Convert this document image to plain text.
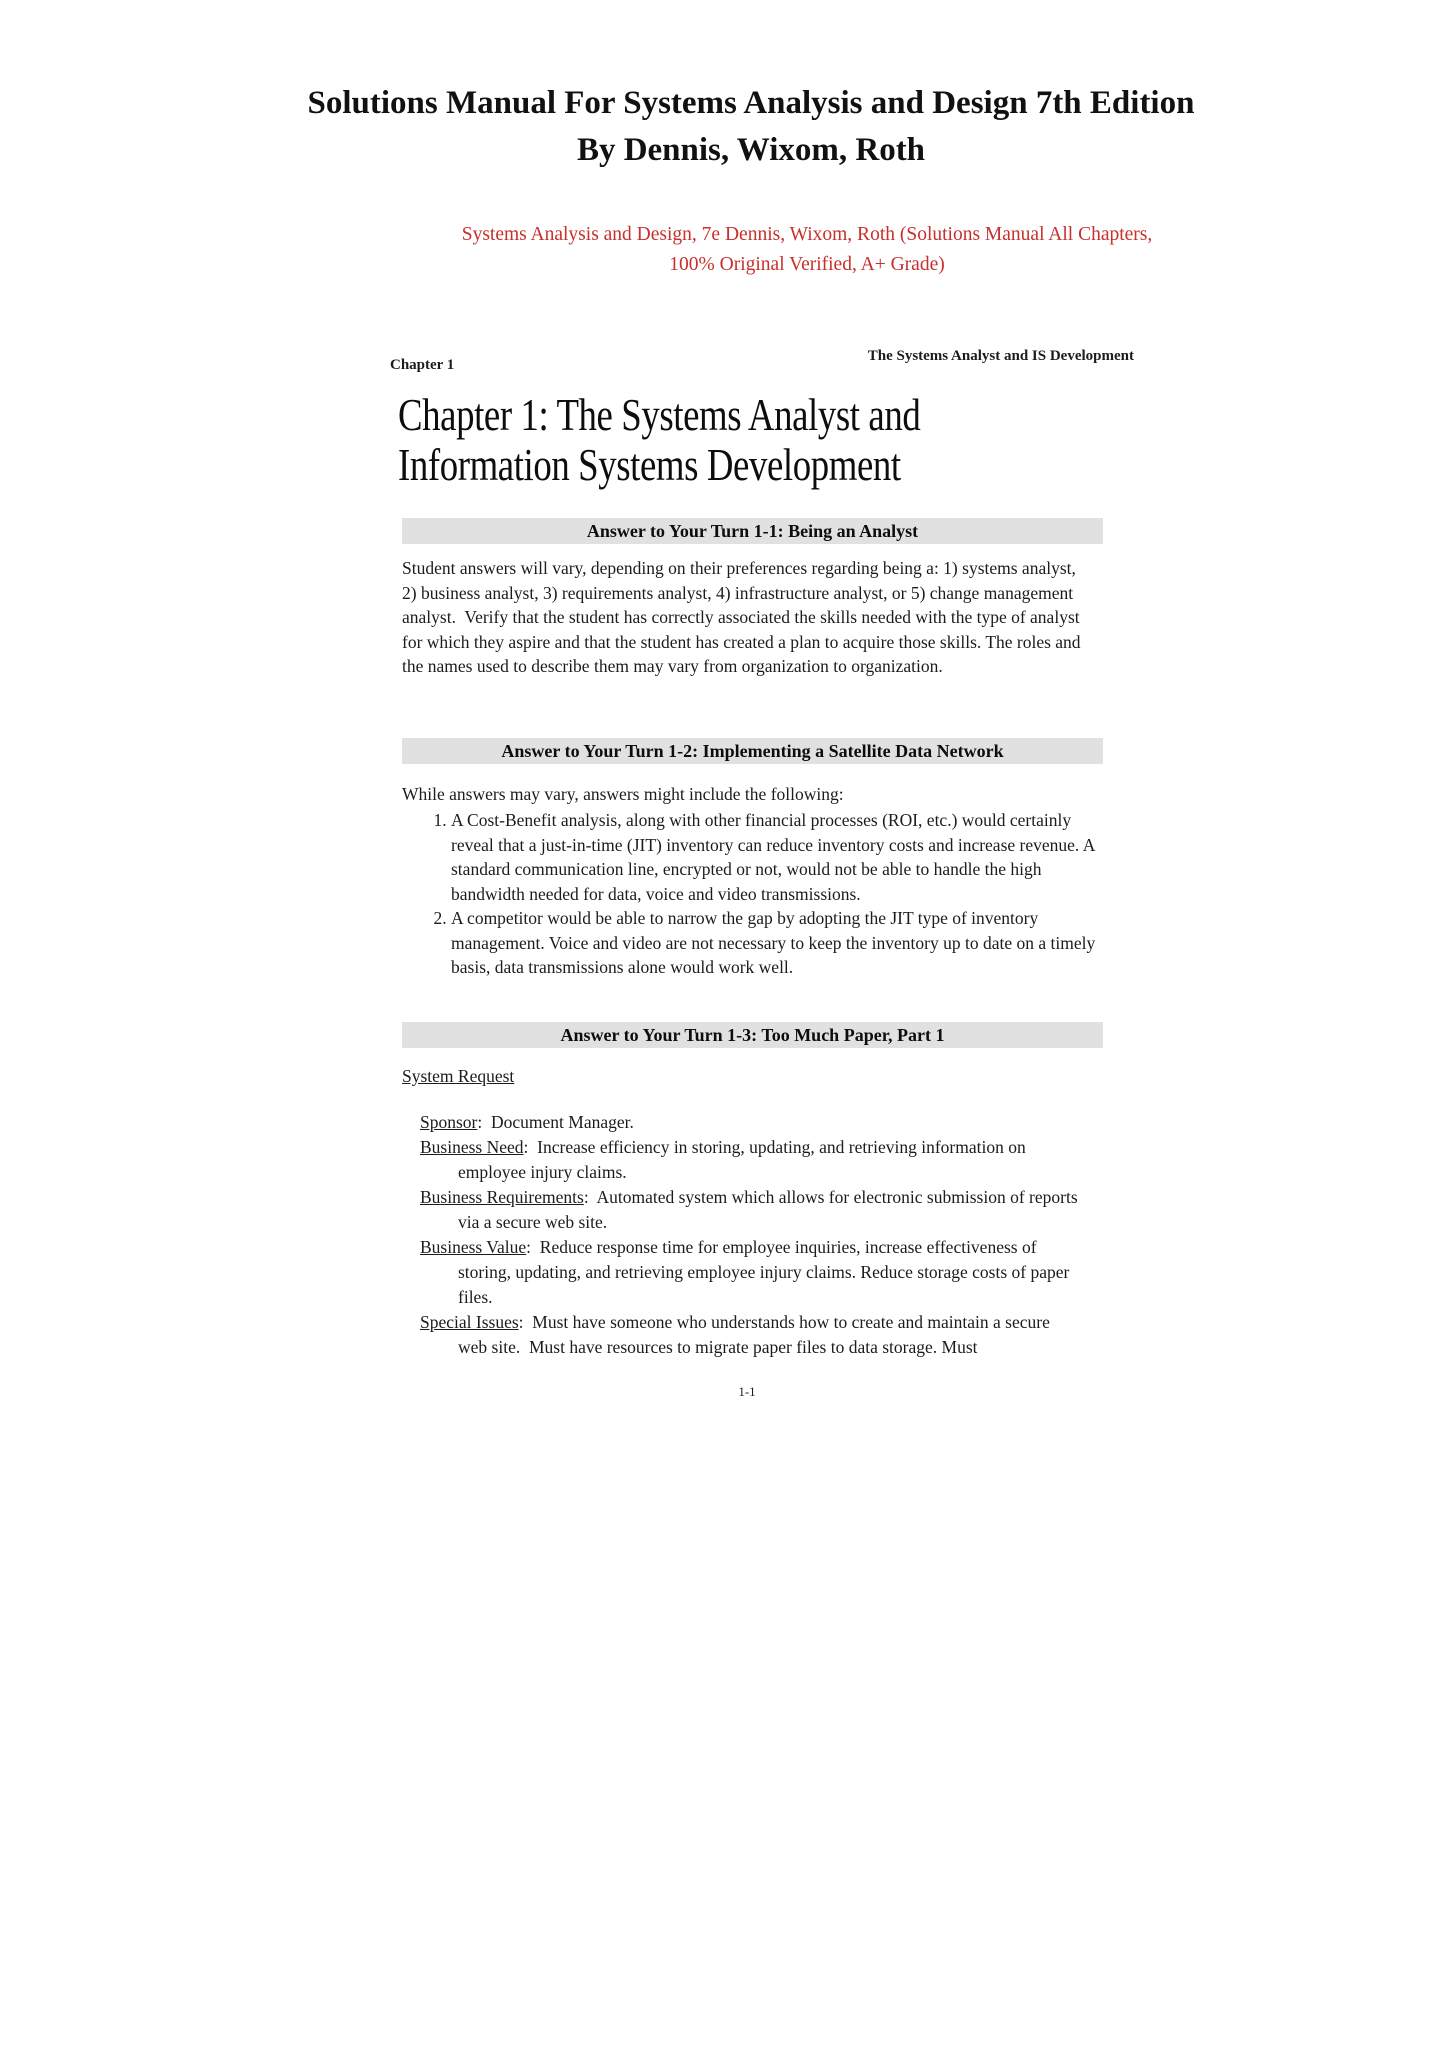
Solutions Manual For Systems Analysis and Design 7th Edition
By Dennis, Wixom, Roth
Systems Analysis and Design, 7e Dennis, Wixom, Roth (Solutions Manual All Chapters,
100% Original Verified, A+ Grade)
Chapter 1
The Systems Analyst and IS Development
Chapter 1: The Systems Analyst and
Information Systems Development
Answer to Your Turn 1-1: Being an Analyst
Student answers will vary, depending on their preferences regarding being a: 1) systems analyst, 2) business analyst, 3) requirements analyst, 4) infrastructure analyst, or 5) change management analyst.  Verify that the student has correctly associated the skills needed with the type of analyst for which they aspire and that the student has created a plan to acquire those skills. The roles and the names used to describe them may vary from organization to organization.
Answer to Your Turn 1-2: Implementing a Satellite Data Network
While answers may vary, answers might include the following:
1. A Cost-Benefit analysis, along with other financial processes (ROI, etc.) would certainly reveal that a just-in-time (JIT) inventory can reduce inventory costs and increase revenue. A standard communication line, encrypted or not, would not be able to handle the high bandwidth needed for data, voice and video transmissions.
2. A competitor would be able to narrow the gap by adopting the JIT type of inventory management. Voice and video are not necessary to keep the inventory up to date on a timely basis, data transmissions alone would work well.
Answer to Your Turn 1-3: Too Much Paper, Part 1
System Request

Sponsor:  Document Manager.

Business Need:  Increase efficiency in storing, updating, and retrieving information on employee injury claims.

Business Requirements:  Automated system which allows for electronic submission of reports via a secure web site.

Business Value:  Reduce response time for employee inquiries, increase effectiveness of storing, updating, and retrieving employee injury claims. Reduce storage costs of paper files.

Special Issues:  Must have someone who understands how to create and maintain a secure web site.  Must have resources to migrate paper files to data storage. Must

1-1
